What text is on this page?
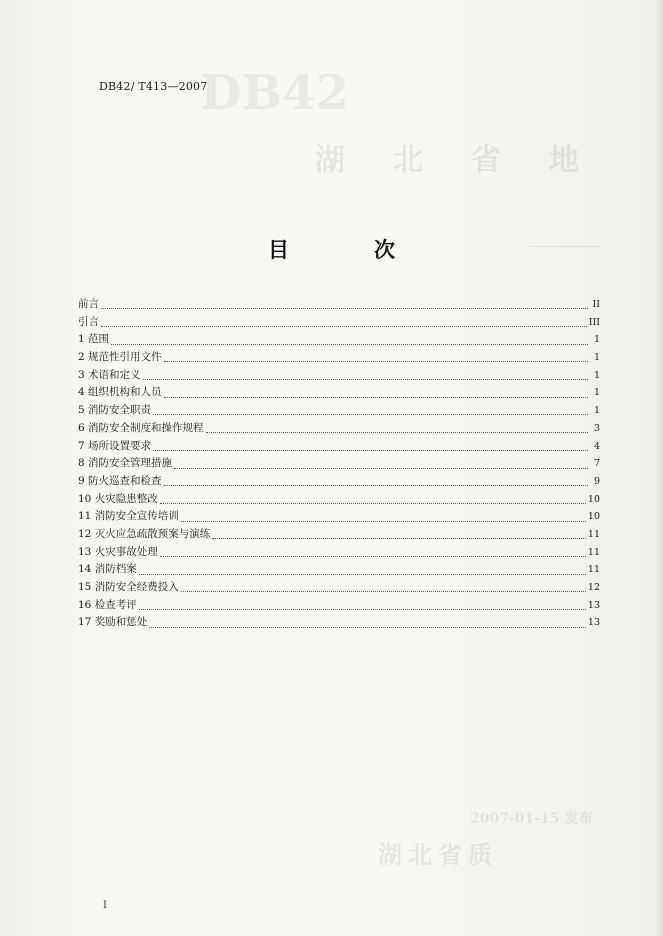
DB42
湖北省地
湖北省质
2007-01-15 发布
DB42/ T413—2007
目　次
前言	II
引言	III
1 范围	1
2 规范性引用文件	1
3 术语和定义	1
4 组织机构和人员	1
5 消防安全职责	1
6 消防安全制度和操作规程	3
7 场所设置要求	4
8 消防安全管理措施	7
9 防火巡查和检查	9
10 火灾隐患整改	10
11 消防安全宣传培训	10
12 灭火应急疏散预案与演练	11
13 火灾事故处理	11
14 消防档案	11
15 消防安全经费投入	12
16 检查考评	13
17 奖励和惩处	13
I
